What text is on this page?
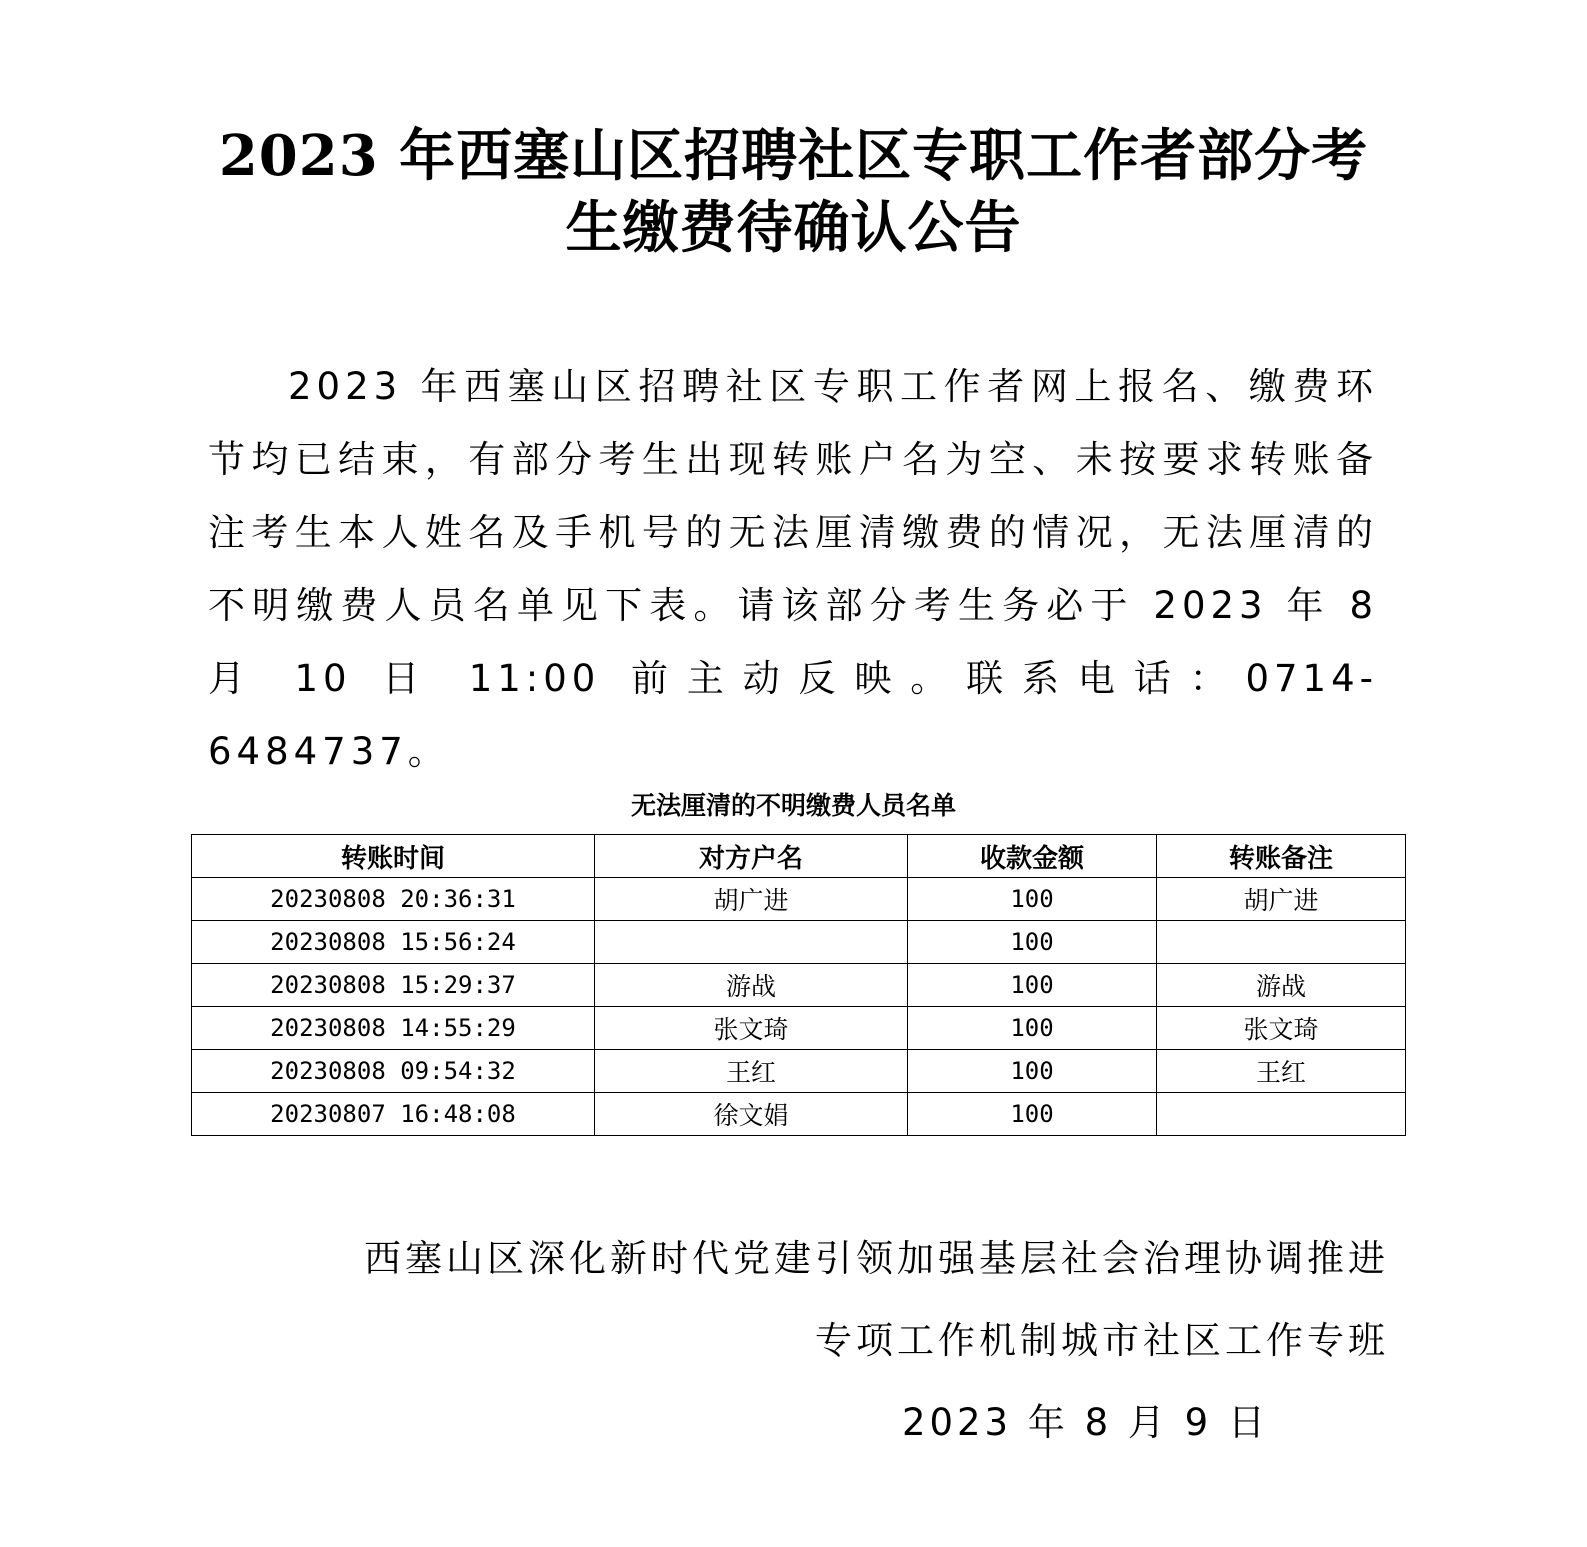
2023 年西塞山区招聘社区专职工作者部分考
生缴费待确认公告

2023 年西塞山区招聘社区专职工作者网上报名、缴费环节均已结束，有部分考生出现转账户名为空、未按要求转账备注考生本人姓名及手机号的无法厘清缴费的情况，无法厘清的不明缴费人员名单见下表。请该部分考生务必于 2023 年 8 月 10 日 11:00 前主动反映。联系电话：0714-6484737。

无法厘清的不明缴费人员名单
转账时间	对方户名	收款金额	转账备注
20230808 20:36:31	胡广进	100	胡广进
20230808 15:56:24		100	
20230808 15:29:37	游战	100	游战
20230808 14:55:29	张文琦	100	张文琦
20230808 09:54:32	王红	100	王红
20230807 16:48:08	徐文娟	100	
西塞山区深化新时代党建引领加强基层社会治理协调推进
专项工作机制城市社区工作专班
2023 年 8 月 9 日
